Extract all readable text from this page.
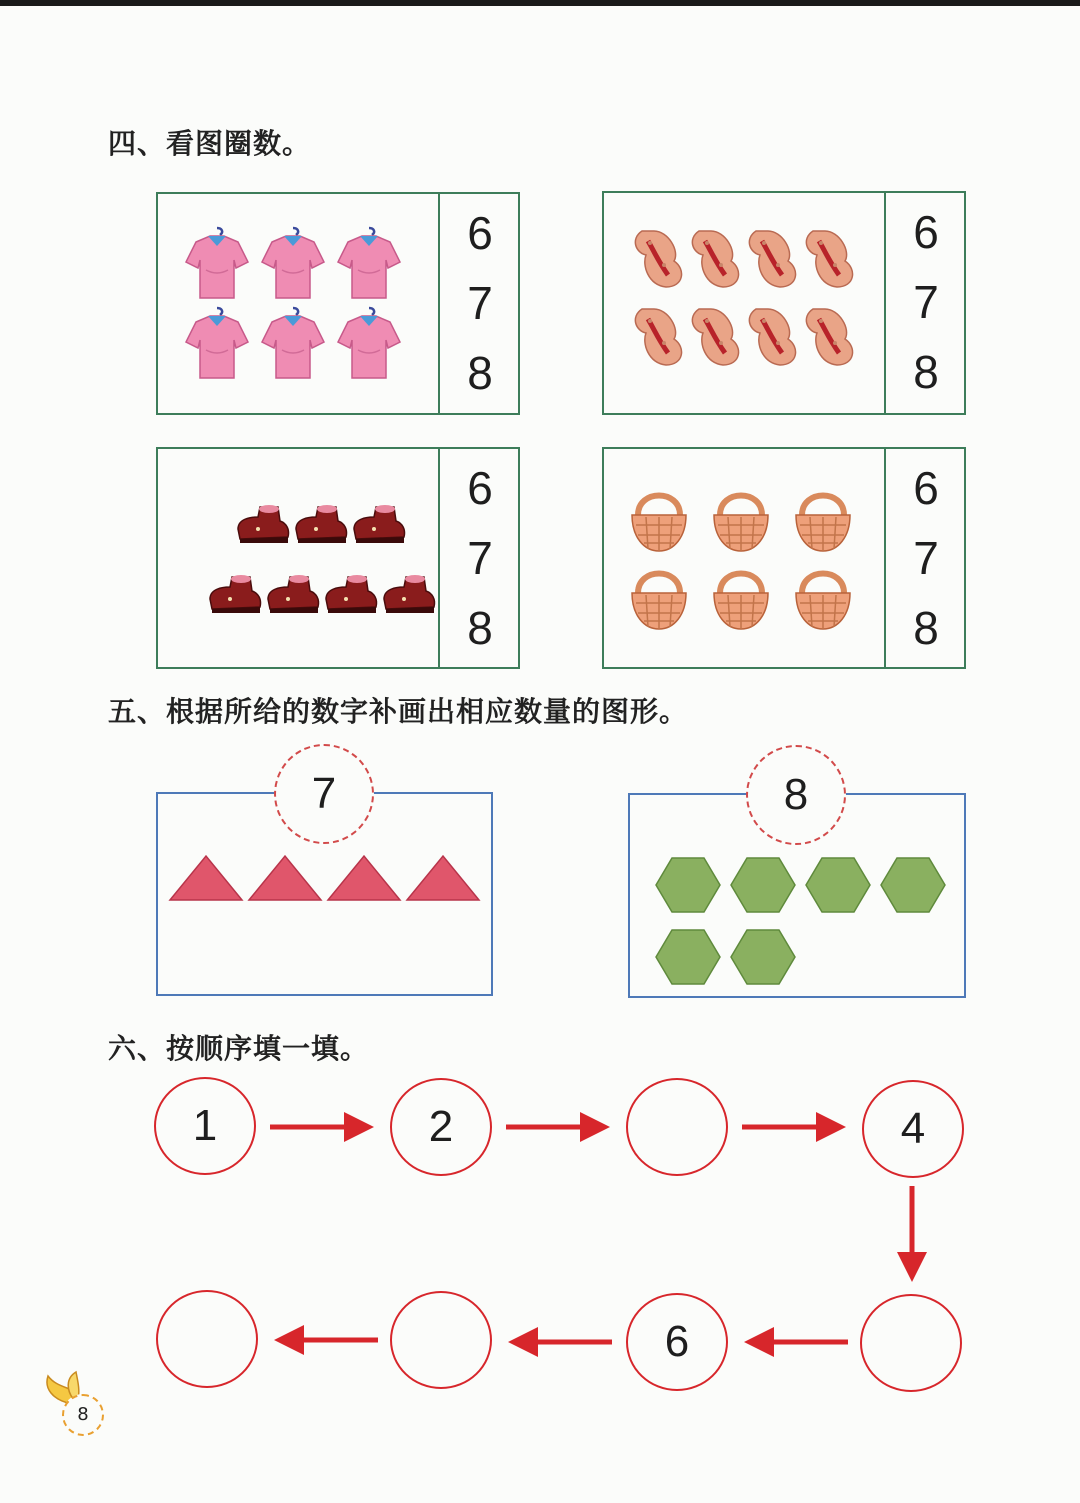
四、看图圈数。
6
7
8
6
7
8
6
7
8
6
7
8
五、根据所给的数字补画出相应数量的图形。
7	8
六、按顺序填一填。
1	2	4
6
8
